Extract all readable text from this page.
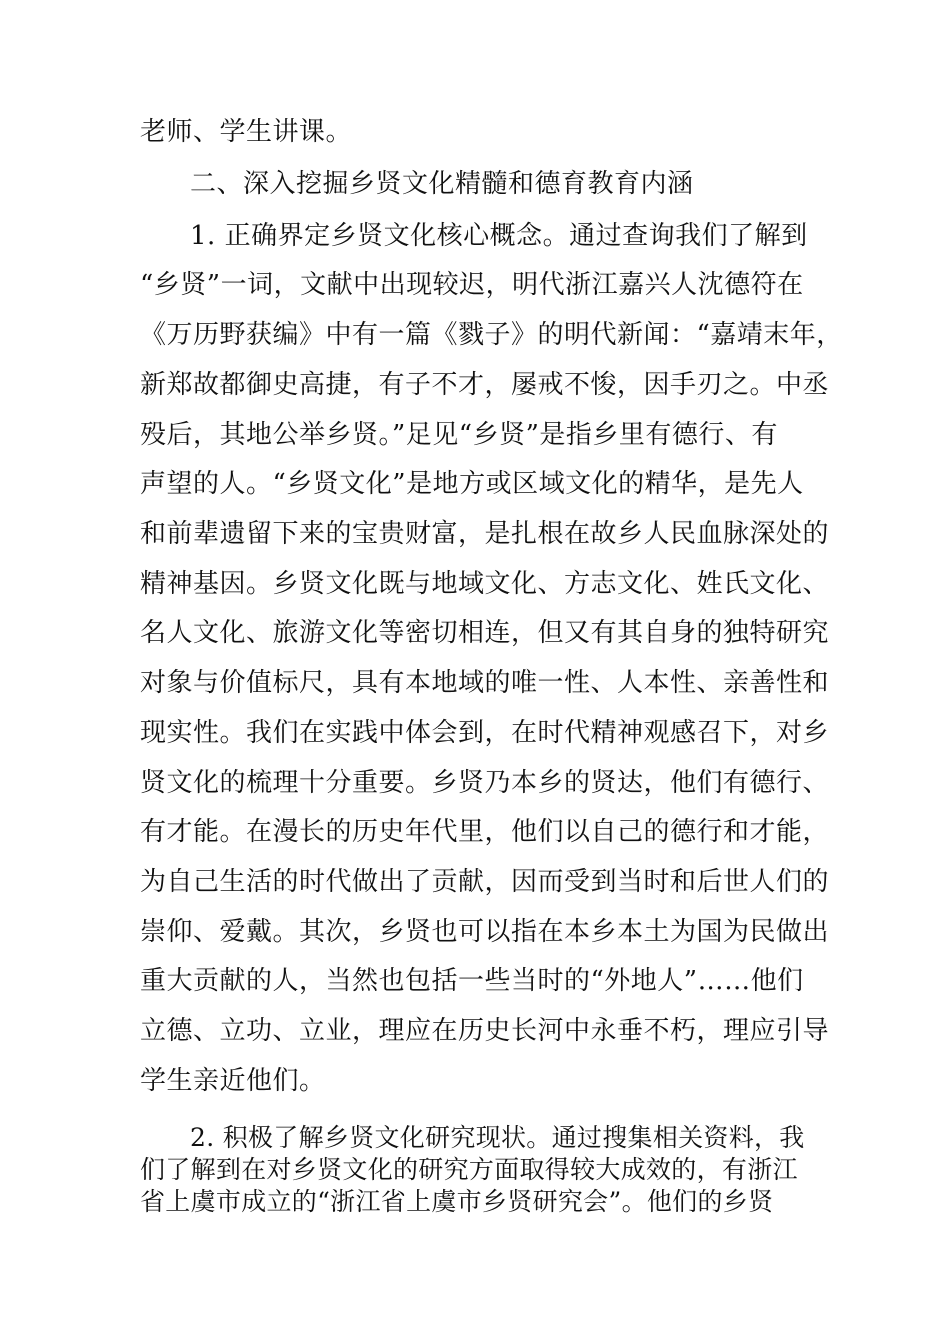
老师、学生讲课。
二、深入挖掘乡贤文化精髓和德育教育内涵
1. 正确界定乡贤文化核心概念。通过查询我们了解到
“乡贤”一词，文献中出现较迟，明代浙江嘉兴人沈德符在
《万历野获编》中有一篇《戮子》的明代新闻：“嘉靖末年，
新郑故都御史高捷，有子不才，屡戒不悛，因手刃之。中丞
殁后，其地公举乡贤。”足见“乡贤”是指乡里有德行、有
声望的人。“乡贤文化”是地方或区域文化的精华，是先人
和前辈遗留下来的宝贵财富，是扎根在故乡人民血脉深处的
精神基因。乡贤文化既与地域文化、方志文化、姓氏文化、
名人文化、旅游文化等密切相连，但又有其自身的独特研究
对象与价值标尺，具有本地域的唯一性、人本性、亲善性和
现实性。我们在实践中体会到，在时代精神观感召下，对乡
贤文化的梳理十分重要。乡贤乃本乡的贤达，他们有德行、
有才能。在漫长的历史年代里，他们以自己的德行和才能，
为自己生活的时代做出了贡献，因而受到当时和后世人们的
崇仰、爱戴。其次，乡贤也可以指在本乡本土为国为民做出
重大贡献的人，当然也包括一些当时的“外地人”……他们
立德、立功、立业，理应在历史长河中永垂不朽，理应引导
学生亲近他们。
2. 积极了解乡贤文化研究现状。通过搜集相关资料，我
们了解到在对乡贤文化的研究方面取得较大成效的，有浙江
省上虞市成立的“浙江省上虞市乡贤研究会”。他们的乡贤
